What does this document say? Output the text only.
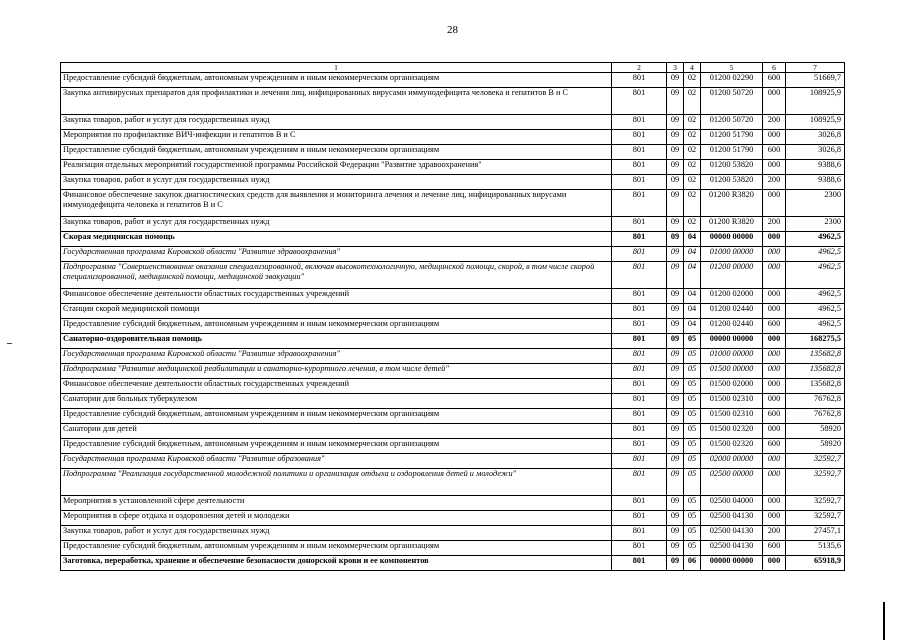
28
1	2	3	4	5	6	7
Предоставление субсидий бюджетным, автономным учреждениям и иным некоммерческим организациям	801	09	02	01200 02290	600	51669,7
Закупка антивирусных препаратов для профилактики и лечения лиц, инфицированных вирусами иммунодефицита человека и гепатитов В и С	801	09	02	01200 50720	000	108925,9
Закупка товаров, работ и услуг для государственных нужд	801	09	02	01200 50720	200	108925,9
Мероприятия по профилактике ВИЧ-инфекции и гепатитов В и С	801	09	02	01200 51790	000	3026,8
Предоставление субсидий бюджетным, автономным учреждениям и иным некоммерческим организациям	801	09	02	01200 51790	600	3026,8
Реализация отдельных мероприятий государственной программы Российской Федерации "Развитие здравоохранения"	801	09	02	01200 53820	000	9388,6
Закупка товаров, работ и услуг для государственных нужд	801	09	02	01200 53820	200	9388,6
Финансовое обеспечение закупок диагностических средств для выявления и мониторинга лечения и лечение лиц, инфицированных вирусами иммунодефицита человека и гепатитов В и С	801	09	02	01200 R3820	000	2300
Закупка товаров, работ и услуг для государственных нужд	801	09	02	01200 R3820	200	2300
Скорая медицинская помощь	801	09	04	00000 00000	000	4962,5
Государственная программа Кировской области "Развитие здравоохранения"	801	09	04	01000 00000	000	4962,5
Подпрограмма "Совершенствование оказания специализированной, включая высокотехнологичную, медицинской помощи, скорой, в том числе скорой специализированной, медицинской помощи, медицинской эвакуации"	801	09	04	01200 00000	000	4962,5
Финансовое обеспечение деятельности областных государственных учреждений	801	09	04	01200 02000	000	4962,5
Станции скорой медицинской помощи	801	09	04	01200 02440	000	4962,5
Предоставление субсидий бюджетным, автономным учреждениям и иным некоммерческим организациям	801	09	04	01200 02440	600	4962,5
Санаторно-оздоровительная помощь	801	09	05	00000 00000	000	168275,5
Государственная программа Кировской области "Развитие здравоохранения"	801	09	05	01000 00000	000	135682,8
Подпрограмма "Развитие медицинской реабилитации и санаторно-курортного лечения, в том числе детей"	801	09	05	01500 00000	000	135682,8
Финансовое обеспечение деятельности областных государственных учреждений	801	09	05	01500 02000	000	135682,8
Санатории для больных туберкулезом	801	09	05	01500 02310	000	76762,8
Предоставление субсидий бюджетным, автономным учреждениям и иным некоммерческим организациям	801	09	05	01500 02310	600	76762,8
Санатории для детей	801	09	05	01500 02320	000	58920
Предоставление субсидий бюджетным, автономным учреждениям и иным некоммерческим организациям	801	09	05	01500 02320	600	58920
Государственная программа Кировской области "Развитие образования"	801	09	05	02000 00000	000	32592,7
Подпрограмма "Реализация государственной молодежной политики и организация отдыха и оздоровления детей и молодежи"	801	09	05	02500 00000	000	32592,7
Мероприятия в установленной сфере деятельности	801	09	05	02500 04000	000	32592,7
Мероприятия в сфере отдыха и оздоровления детей и молодежи	801	09	05	02500 04130	000	32592,7
Закупка товаров, работ и услуг для государственных нужд	801	09	05	02500 04130	200	27457,1
Предоставление субсидий бюджетным, автономным учреждениям и иным некоммерческим организациям	801	09	05	02500 04130	600	5135,6
Заготовка, переработка, хранение и обеспечение безопасности донорской крови и ее компонентов	801	09	06	00000 00000	000	65918,9
